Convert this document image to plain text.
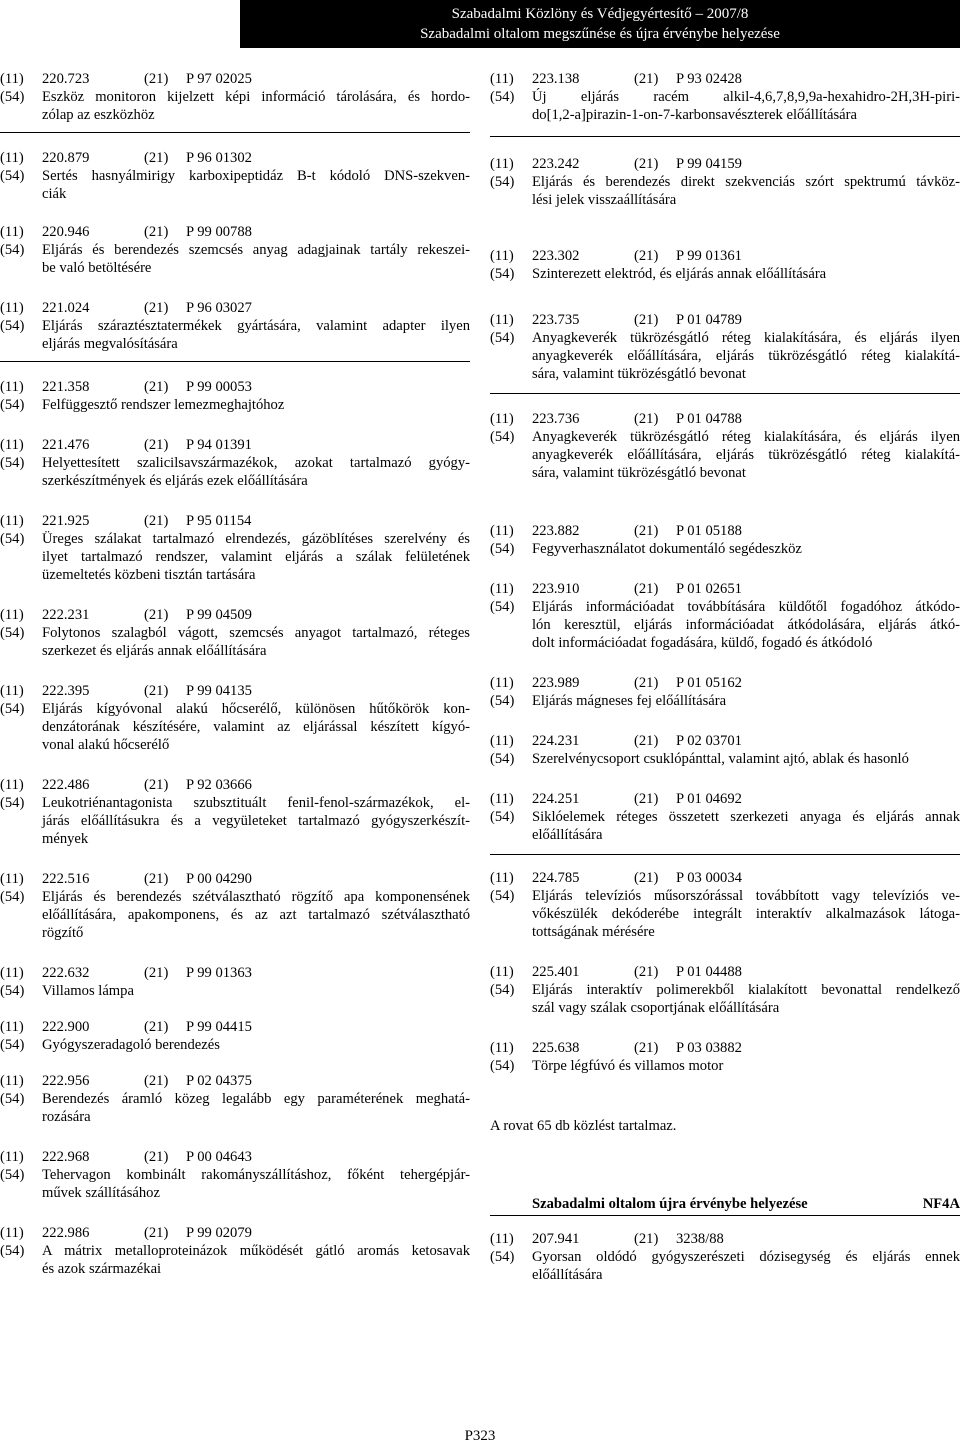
Szabadalmi Közlöny és Védjegyértesítő – 2007/8
Szabadalmi oltalom megszűnése és újra érvénybe helyezése
(11)	220.723	(21) P 97 02025
(54)	Eszköz monitoron kijelzett képi információ tárolására, és hordo-
zólap az eszközhöz
(11)	220.879	(21) P 96 01302
(54)	Sertés hasnyálmirigy karboxipeptidáz B-t kódoló DNS-szekven-
ciák
(11)	220.946	(21) P 99 00788
(54)	Eljárás és berendezés szemcsés anyag adagjainak tartály rekeszei-
be való betöltésére
(11)	221.024	(21) P 96 03027
(54)	Eljárás száraztésztatermékek gyártására, valamint adapter ilyen
eljárás megvalósítására
(11)	221.358	(21) P 99 00053
(54)	Felfüggesztő rendszer lemezmeghajtóhoz
(11)	221.476	(21) P 94 01391
(54)	Helyettesített szalicilsavszármazékok, azokat tartalmazó gyógy-
szerkészítmények és eljárás ezek előállítására
(11)	221.925	(21) P 95 01154
(54)	Üreges szálakat tartalmazó elrendezés, gázöblítéses szerelvény és
ilyet tartalmazó rendszer, valamint eljárás a szálak felületének
üzemeltetés közbeni tisztán tartására
(11)	222.231	(21) P 99 04509
(54)	Folytonos szalagból vágott, szemcsés anyagot tartalmazó, réteges
szerkezet és eljárás annak előállítására
(11)	222.395	(21) P 99 04135
(54)	Eljárás kígyóvonal alakú hőcserélő, különösen hűtőkörök kon-
denzátorának készítésére, valamint az eljárással készített kígyó-
vonal alakú hőcserélő
(11)	222.486	(21) P 92 03666
(54)	Leukotriénantagonista szubsztituált fenil-fenol-származékok, el-
járás előállításukra és a vegyületeket tartalmazó gyógyszerkészít-
mények
(11)	222.516	(21) P 00 04290
(54)	Eljárás és berendezés szétválasztható rögzítő apa komponensének
előállítására, apakomponens, és az azt tartalmazó szétválasztható
rögzítő
(11)	222.632	(21) P 99 01363
(54)	Villamos lámpa
(11)	222.900	(21) P 99 04415
(54)	Gyógyszeradagoló berendezés
(11)	222.956	(21) P 02 04375
(54)	Berendezés áramló közeg legalább egy paraméterének meghatá-
rozására
(11)	222.968	(21) P 00 04643
(54)	Tehervagon kombinált rakományszállításhoz, főként tehergépjár-
művek szállításához
(11)	222.986	(21) P 99 02079
(54)	A mátrix metalloproteinázok működését gátló aromás ketosavak
és azok származékai
(11)	223.138	(21) P 93 02428
(54)	Új eljárás racém alkil-4,6,7,8,9,9a-hexahidro-2H,3H-piri-
do[1,2-a]pirazin-1-on-7-karbonsavészterek előállítására
(11)	223.242	(21) P 99 04159
(54)	Eljárás és berendezés direkt szekvenciás szórt spektrumú távköz-
lési jelek visszaállítására
(11)	223.302	(21) P 99 01361
(54)	Szinterezett elektród, és eljárás annak előállítására
(11)	223.735	(21) P 01 04789
(54)	Anyagkeverék tükrözésgátló réteg kialakítására, és eljárás ilyen
anyagkeverék előállítására, eljárás tükrözésgátló réteg kialakítá-
sára, valamint tükrözésgátló bevonat
(11)	223.736	(21) P 01 04788
(54)	Anyagkeverék tükrözésgátló réteg kialakítására, és eljárás ilyen
anyagkeverék előállítására, eljárás tükrözésgátló réteg kialakítá-
sára, valamint tükrözésgátló bevonat
(11)	223.882	(21) P 01 05188
(54)	Fegyverhasználatot dokumentáló segédeszköz
(11)	223.910	(21) P 01 02651
(54)	Eljárás információadat továbbítására küldőtől fogadóhoz átkódo-
lón keresztül, eljárás információadat átkódolására, eljárás átkó-
dolt információadat fogadására, küldő, fogadó és átkódoló
(11)	223.989	(21) P 01 05162
(54)	Eljárás mágneses fej előállítására
(11)	224.231	(21) P 02 03701
(54)	Szerelvénycsoport csuklópánttal, valamint ajtó, ablak és hasonló
(11)	224.251	(21) P 01 04692
(54)	Siklóelemek réteges összetett szerkezeti anyaga és eljárás annak
előállítására
(11)	224.785	(21) P 03 00034
(54)	Eljárás televíziós műsorszórással továbbított vagy televíziós ve-
vőkészülék dekóderébe integrált interaktív alkalmazások látoga-
tottságának mérésére
(11)	225.401	(21) P 01 04488
(54)	Eljárás interaktív polimerekből kialakított bevonattal rendelkező
szál vagy szálak csoportjának előállítására
(11)	225.638	(21) P 03 03882
(54)	Törpe légfúvó és villamos motor
A rovat 65 db közlést tartalmaz.
Szabadalmi oltalom újra érvénybe helyezése	NF4A
(11)	207.941	(21) 3238/88
(54)	Gyorsan oldódó gyógyszerészeti dózisegység és eljárás ennek
előállítására
P323
